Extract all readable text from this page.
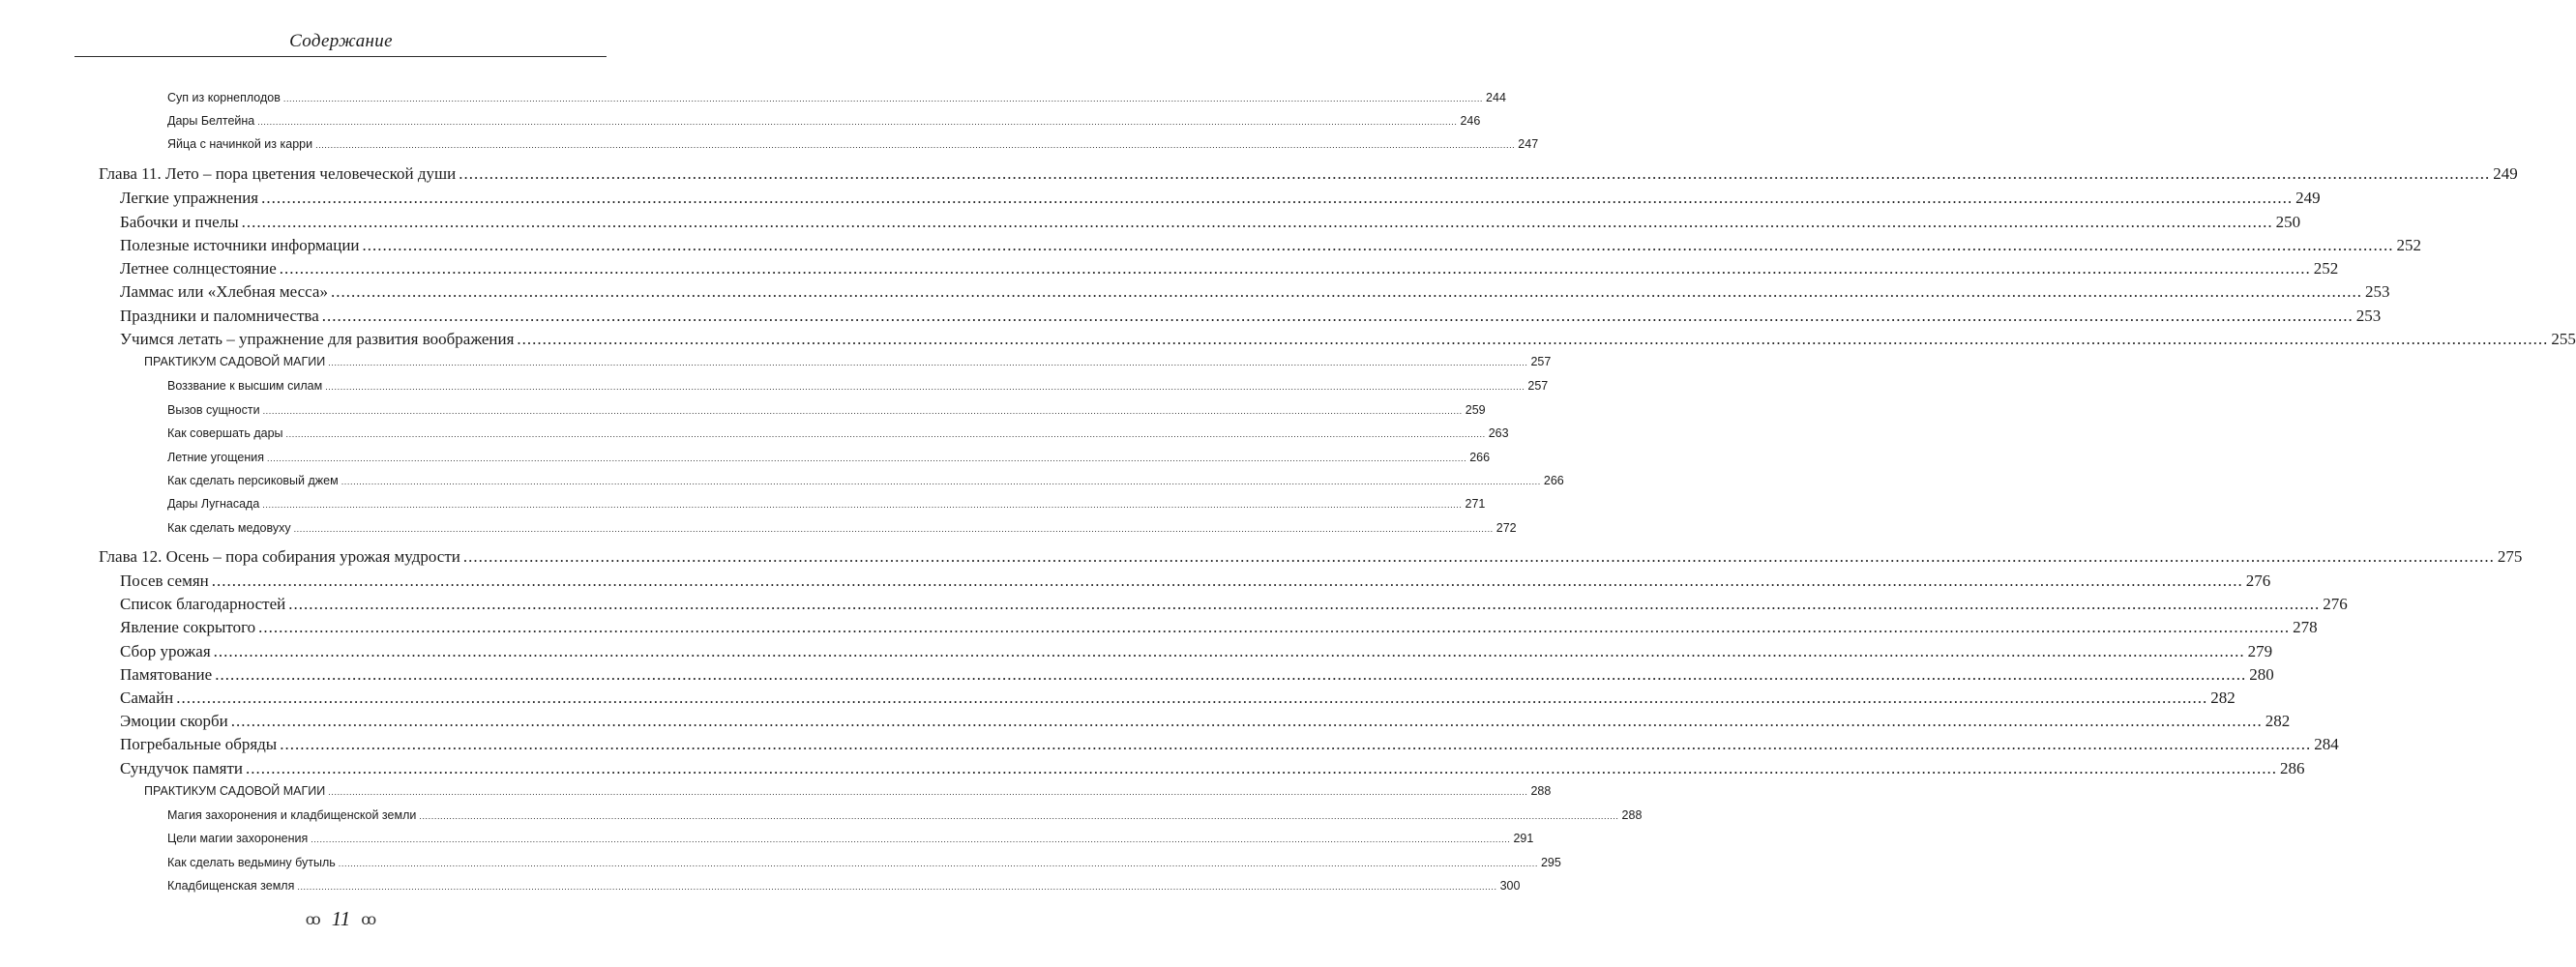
Содержание
Суп из корнеплодов ................................................................................................................................................................................................................................................................................................................................................................................................................ 244
Дары Белтейна ................................................................................................................................................................................................................................................................................................................................................................................................................ 246
Яйца с начинкой из карри ................................................................................................................................................................................................................................................................................................................................................................................................................ 247
Глава 11. Лето – пора цветения человеческой души ................................................................................................................................................................................................................................................................................................................................................................................................................ 249
Легкие упражнения ................................................................................................................................................................................................................................................................................................................................................................................................................ 249
Бабочки и пчелы ................................................................................................................................................................................................................................................................................................................................................................................................................ 250
Полезные источники информации ................................................................................................................................................................................................................................................................................................................................................................................................................ 252
Летнее солнцестояние ................................................................................................................................................................................................................................................................................................................................................................................................................ 252
Ламмас или «Хлебная месса» ................................................................................................................................................................................................................................................................................................................................................................................................................ 253
Праздники и паломничества ................................................................................................................................................................................................................................................................................................................................................................................................................ 253
Учимся летать – упражнение для развития воображения ................................................................................................................................................................................................................................................................................................................................................................................................................ 255
ПРАКТИКУМ САДОВОЙ МАГИИ ................................................................................................................................................................................................................................................................................................................................................................................................................ 257
Воззвание к высшим силам ................................................................................................................................................................................................................................................................................................................................................................................................................ 257
Вызов сущности ................................................................................................................................................................................................................................................................................................................................................................................................................ 259
Как совершать дары ................................................................................................................................................................................................................................................................................................................................................................................................................ 263
Летние угощения ................................................................................................................................................................................................................................................................................................................................................................................................................ 266
Как сделать персиковый джем ................................................................................................................................................................................................................................................................................................................................................................................................................ 266
Дары Лугнасада ................................................................................................................................................................................................................................................................................................................................................................................................................ 271
Как сделать медовуху ................................................................................................................................................................................................................................................................................................................................................................................................................ 272
Глава 12. Осень – пора собирания урожая мудрости ................................................................................................................................................................................................................................................................................................................................................................................................................ 275
Посев семян ................................................................................................................................................................................................................................................................................................................................................................................................................ 276
Список благодарностей ................................................................................................................................................................................................................................................................................................................................................................................................................ 276
Явление сокрытого ................................................................................................................................................................................................................................................................................................................................................................................................................ 278
Сбор урожая ................................................................................................................................................................................................................................................................................................................................................................................................................ 279
Памятование ................................................................................................................................................................................................................................................................................................................................................................................................................ 280
Самайн ................................................................................................................................................................................................................................................................................................................................................................................................................ 282
Эмоции скорби ................................................................................................................................................................................................................................................................................................................................................................................................................ 282
Погребальные обряды ................................................................................................................................................................................................................................................................................................................................................................................................................ 284
Сундучок памяти ................................................................................................................................................................................................................................................................................................................................................................................................................ 286
ПРАКТИКУМ САДОВОЙ МАГИИ ................................................................................................................................................................................................................................................................................................................................................................................................................ 288
Магия захоронения и кладбищенской земли ................................................................................................................................................................................................................................................................................................................................................................................................................ 288
Цели магии захоронения ................................................................................................................................................................................................................................................................................................................................................................................................................ 291
Как сделать ведьмину бутыль ................................................................................................................................................................................................................................................................................................................................................................................................................ 295
Кладбищенская земля ................................................................................................................................................................................................................................................................................................................................................................................................................ 300
ꝏ 11 ꝏ
